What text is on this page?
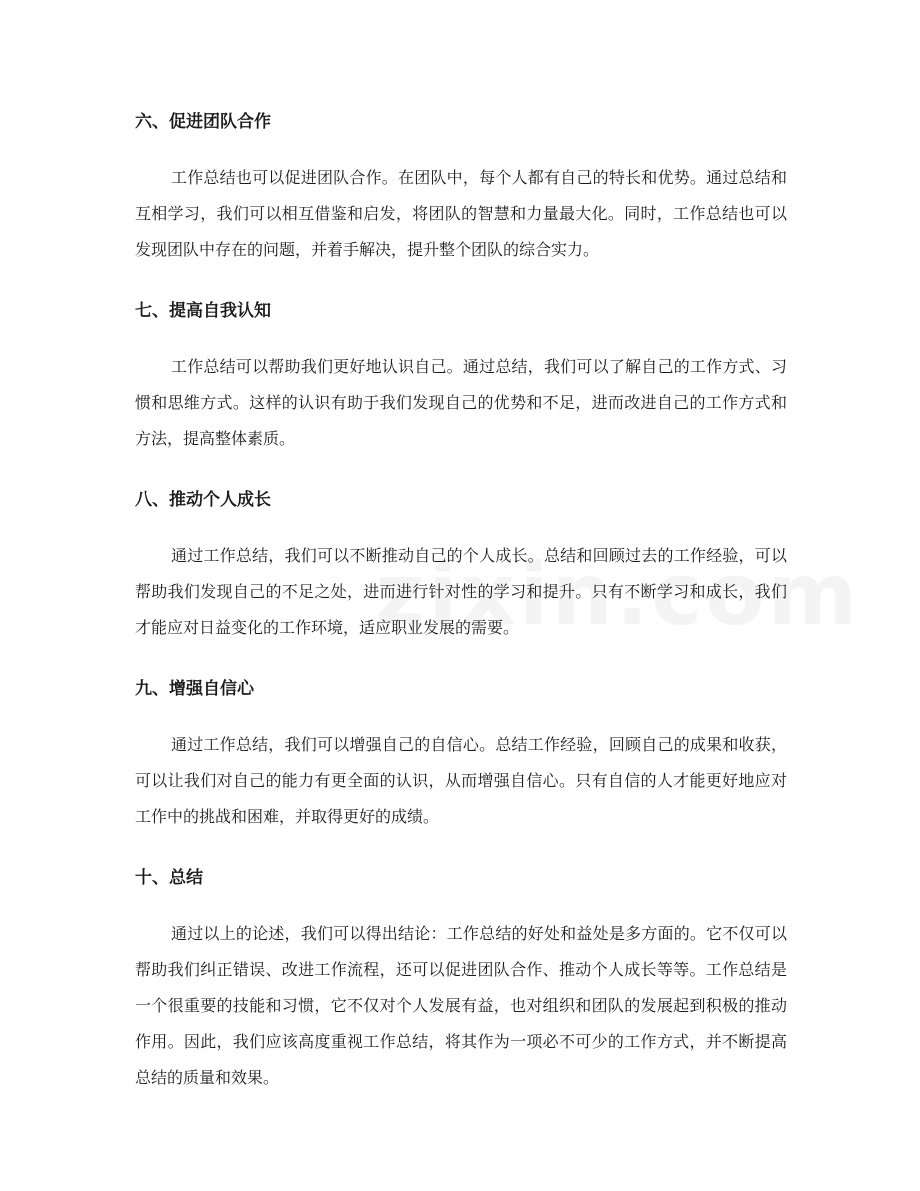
六、促进团队合作

工作总结也可以促进团队合作。在团队中，每个人都有自己的特长和优势。通过总结和互相学习，我们可以相互借鉴和启发，将团队的智慧和力量最大化。同时，工作总结也可以发现团队中存在的问题，并着手解决，提升整个团队的综合实力。

七、提高自我认知

工作总结可以帮助我们更好地认识自己。通过总结，我们可以了解自己的工作方式、习惯和思维方式。这样的认识有助于我们发现自己的优势和不足，进而改进自己的工作方式和方法，提高整体素质。

八、推动个人成长

通过工作总结，我们可以不断推动自己的个人成长。总结和回顾过去的工作经验，可以帮助我们发现自己的不足之处，进而进行针对性的学习和提升。只有不断学习和成长，我们才能应对日益变化的工作环境，适应职业发展的需要。

九、增强自信心

通过工作总结，我们可以增强自己的自信心。总结工作经验，回顾自己的成果和收获，可以让我们对自己的能力有更全面的认识，从而增强自信心。只有自信的人才能更好地应对工作中的挑战和困难，并取得更好的成绩。

十、总结

通过以上的论述，我们可以得出结论：工作总结的好处和益处是多方面的。它不仅可以帮助我们纠正错误、改进工作流程，还可以促进团队合作、推动个人成长等等。工作总结是一个很重要的技能和习惯，它不仅对个人发展有益，也对组织和团队的发展起到积极的推动作用。因此，我们应该高度重视工作总结，将其作为一项必不可少的工作方式，并不断提高总结的质量和效果。
